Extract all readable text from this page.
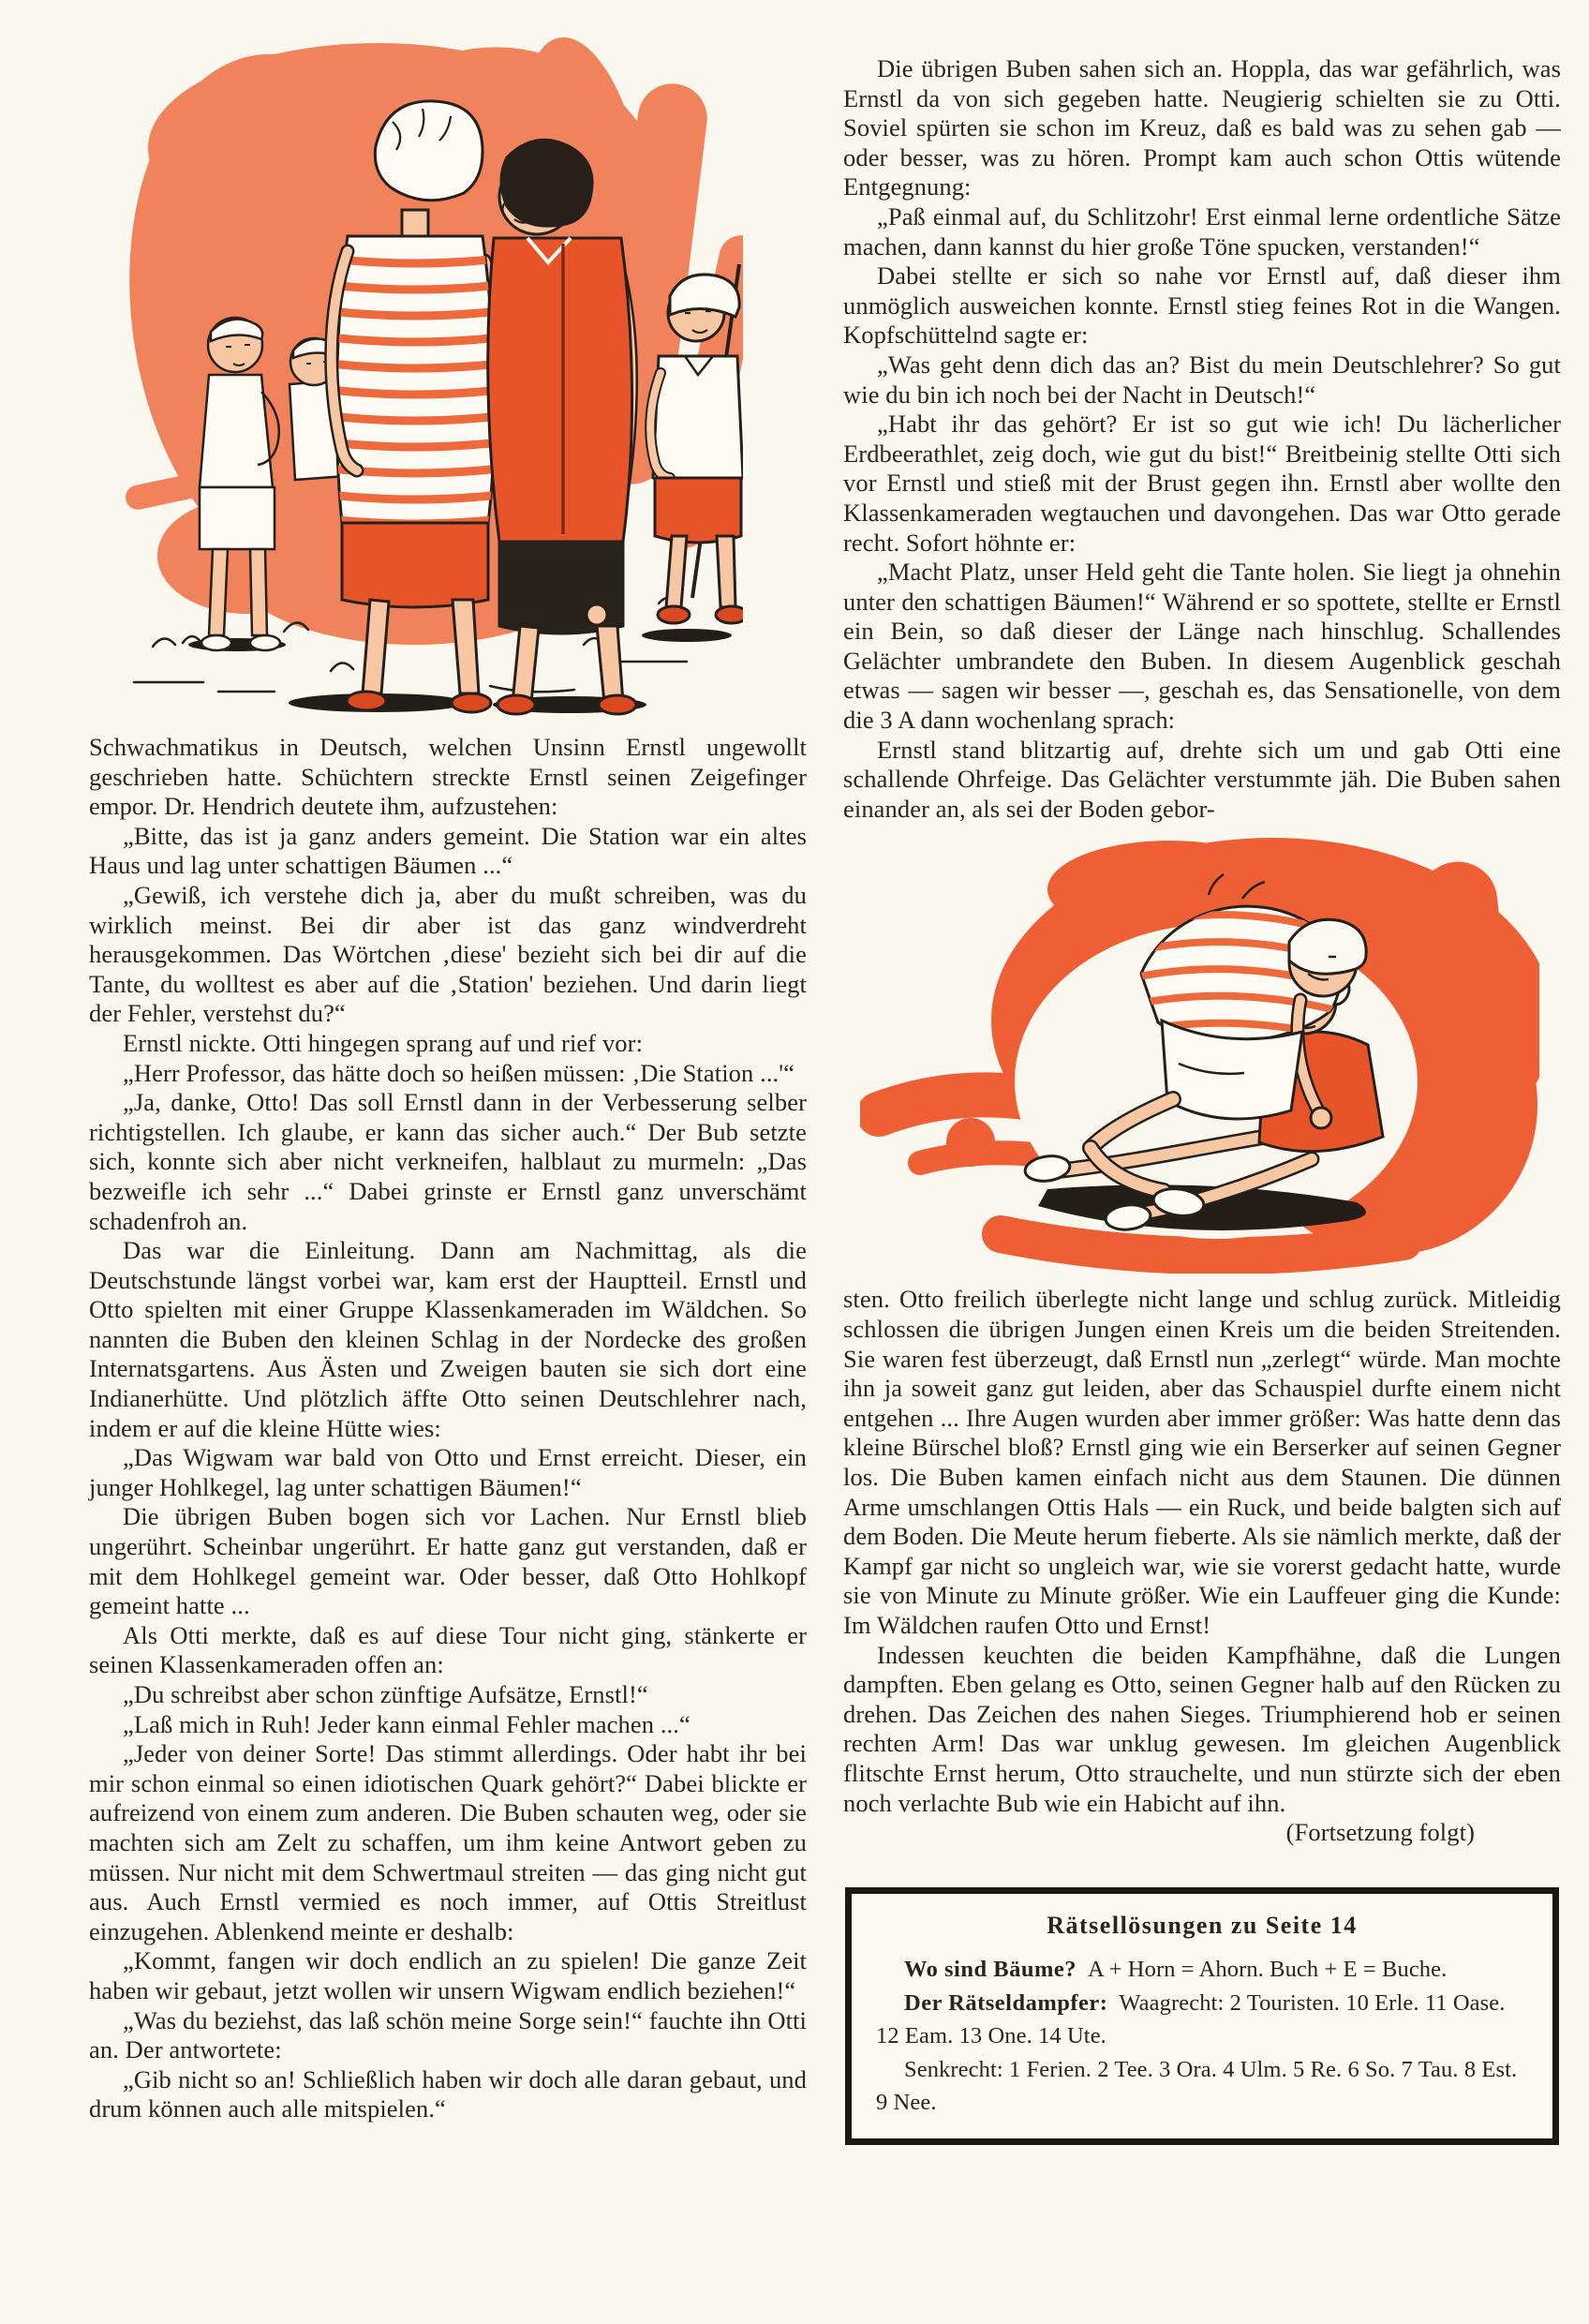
Schwachmatikus in Deutsch, welchen Unsinn Ernstl ungewollt geschrieben hatte. Schüchtern streckte Ernstl seinen Zeigefinger empor. Dr. Hendrich deutete ihm, aufzustehen:

„Bitte, das ist ja ganz anders gemeint. Die Station war ein altes Haus und lag unter schattigen Bäumen ...“

„Gewiß, ich verstehe dich ja, aber du mußt schreiben, was du wirklich meinst. Bei dir aber ist das ganz windverdreht herausgekommen. Das Wörtchen ‚diese' bezieht sich bei dir auf die Tante, du wolltest es aber auf die ‚Station' beziehen. Und darin liegt der Fehler, verstehst du?“

Ernstl nickte. Otti hingegen sprang auf und rief vor:

„Herr Professor, das hätte doch so heißen müssen: ‚Die Station ...'“

„Ja, danke, Otto! Das soll Ernstl dann in der Verbesserung selber richtigstellen. Ich glaube, er kann das sicher auch.“ Der Bub setzte sich, konnte sich aber nicht verkneifen, halblaut zu murmeln: „Das bezweifle ich sehr ...“ Dabei grinste er Ernstl ganz unverschämt schadenfroh an.

Das war die Einleitung. Dann am Nachmittag, als die Deutschstunde längst vorbei war, kam erst der Hauptteil. Ernstl und Otto spielten mit einer Gruppe Klassenkameraden im Wäldchen. So nannten die Buben den kleinen Schlag in der Nordecke des großen Internatsgartens. Aus Ästen und Zweigen bauten sie sich dort eine Indianerhütte. Und plötzlich äffte Otto seinen Deutschlehrer nach, indem er auf die kleine Hütte wies:

„Das Wigwam war bald von Otto und Ernst erreicht. Dieser, ein junger Hohlkegel, lag unter schattigen Bäumen!“

Die übrigen Buben bogen sich vor Lachen. Nur Ernstl blieb ungerührt. Scheinbar ungerührt. Er hatte ganz gut verstanden, daß er mit dem Hohlkegel gemeint war. Oder besser, daß Otto Hohlkopf gemeint hatte ...

Als Otti merkte, daß es auf diese Tour nicht ging, stänkerte er seinen Klassenkameraden offen an:

„Du schreibst aber schon zünftige Aufsätze, Ernstl!“

„Laß mich in Ruh! Jeder kann einmal Fehler machen ...“

„Jeder von deiner Sorte! Das stimmt allerdings. Oder habt ihr bei mir schon einmal so einen idiotischen Quark gehört?“ Dabei blickte er aufreizend von einem zum anderen. Die Buben schauten weg, oder sie machten sich am Zelt zu schaffen, um ihm keine Antwort geben zu müssen. Nur nicht mit dem Schwertmaul streiten — das ging nicht gut aus. Auch Ernstl vermied es noch immer, auf Ottis Streitlust einzugehen. Ablenkend meinte er deshalb:

„Kommt, fangen wir doch endlich an zu spielen! Die ganze Zeit haben wir gebaut, jetzt wollen wir unsern Wigwam endlich beziehen!“

„Was du beziehst, das laß schön meine Sorge sein!“ fauchte ihn Otti an. Der antwortete:

„Gib nicht so an! Schließlich haben wir doch alle daran gebaut, und drum können auch alle mitspielen.“

Die übrigen Buben sahen sich an. Hoppla, das war gefährlich, was Ernstl da von sich gegeben hatte. Neugierig schielten sie zu Otti. Soviel spürten sie schon im Kreuz, daß es bald was zu sehen gab — oder besser, was zu hören. Prompt kam auch schon Ottis wütende Entgegnung:

„Paß einmal auf, du Schlitzohr! Erst einmal lerne ordentliche Sätze machen, dann kannst du hier große Töne spucken, verstanden!“

Dabei stellte er sich so nahe vor Ernstl auf, daß dieser ihm unmöglich ausweichen konnte. Ernstl stieg feines Rot in die Wangen. Kopfschüttelnd sagte er:

„Was geht denn dich das an? Bist du mein Deutschlehrer? So gut wie du bin ich noch bei der Nacht in Deutsch!“

„Habt ihr das gehört? Er ist so gut wie ich! Du lächerlicher Erdbeerathlet, zeig doch, wie gut du bist!“ Breitbeinig stellte Otti sich vor Ernstl und stieß mit der Brust gegen ihn. Ernstl aber wollte den Klassenkameraden wegtauchen und davongehen. Das war Otto gerade recht. Sofort höhnte er:

„Macht Platz, unser Held geht die Tante holen. Sie liegt ja ohnehin unter den schattigen Bäumen!“ Während er so spottete, stellte er Ernstl ein Bein, so daß dieser der Länge nach hinschlug. Schallendes Gelächter umbrandete den Buben. In diesem Augenblick geschah etwas — sagen wir besser —, geschah es, das Sensationelle, von dem die 3 A dann wochenlang sprach:

Ernstl stand blitzartig auf, drehte sich um und gab Otti eine schallende Ohrfeige. Das Gelächter verstummte jäh. Die Buben sahen einander an, als sei der Boden gebor-

sten. Otto freilich überlegte nicht lange und schlug zurück. Mitleidig schlossen die übrigen Jungen einen Kreis um die beiden Streitenden. Sie waren fest überzeugt, daß Ernstl nun „zerlegt“ würde. Man mochte ihn ja soweit ganz gut leiden, aber das Schauspiel durfte einem nicht entgehen ... Ihre Augen wurden aber immer größer: Was hatte denn das kleine Bürschel bloß? Ernstl ging wie ein Berserker auf seinen Gegner los. Die Buben kamen einfach nicht aus dem Staunen. Die dünnen Arme umschlangen Ottis Hals — ein Ruck, und beide balgten sich auf dem Boden. Die Meute herum fieberte. Als sie nämlich merkte, daß der Kampf gar nicht so ungleich war, wie sie vorerst gedacht hatte, wurde sie von Minute zu Minute größer. Wie ein Lauffeuer ging die Kunde: Im Wäldchen raufen Otto und Ernst!

Indessen keuchten die beiden Kampfhähne, daß die Lungen dampften. Eben gelang es Otto, seinen Gegner halb auf den Rücken zu drehen. Das Zeichen des nahen Sieges. Triumphierend hob er seinen rechten Arm! Das war unklug gewesen. Im gleichen Augenblick flitschte Ernst herum, Otto strauchelte, und nun stürzte sich der eben noch verlachte Bub wie ein Habicht auf ihn.

(Fortsetzung folgt)

Rätsellösungen zu Seite 14

Wo sind Bäume? A + Horn = Ahorn. Buch + E = Buche.

Der Rätseldampfer: Waagrecht: 2 Touristen. 10 Erle. 11 Oase. 12 Eam. 13 One. 14 Ute.

Senkrecht: 1 Ferien. 2 Tee. 3 Ora. 4 Ulm. 5 Re. 6 So. 7 Tau. 8 Est. 9 Nee.
